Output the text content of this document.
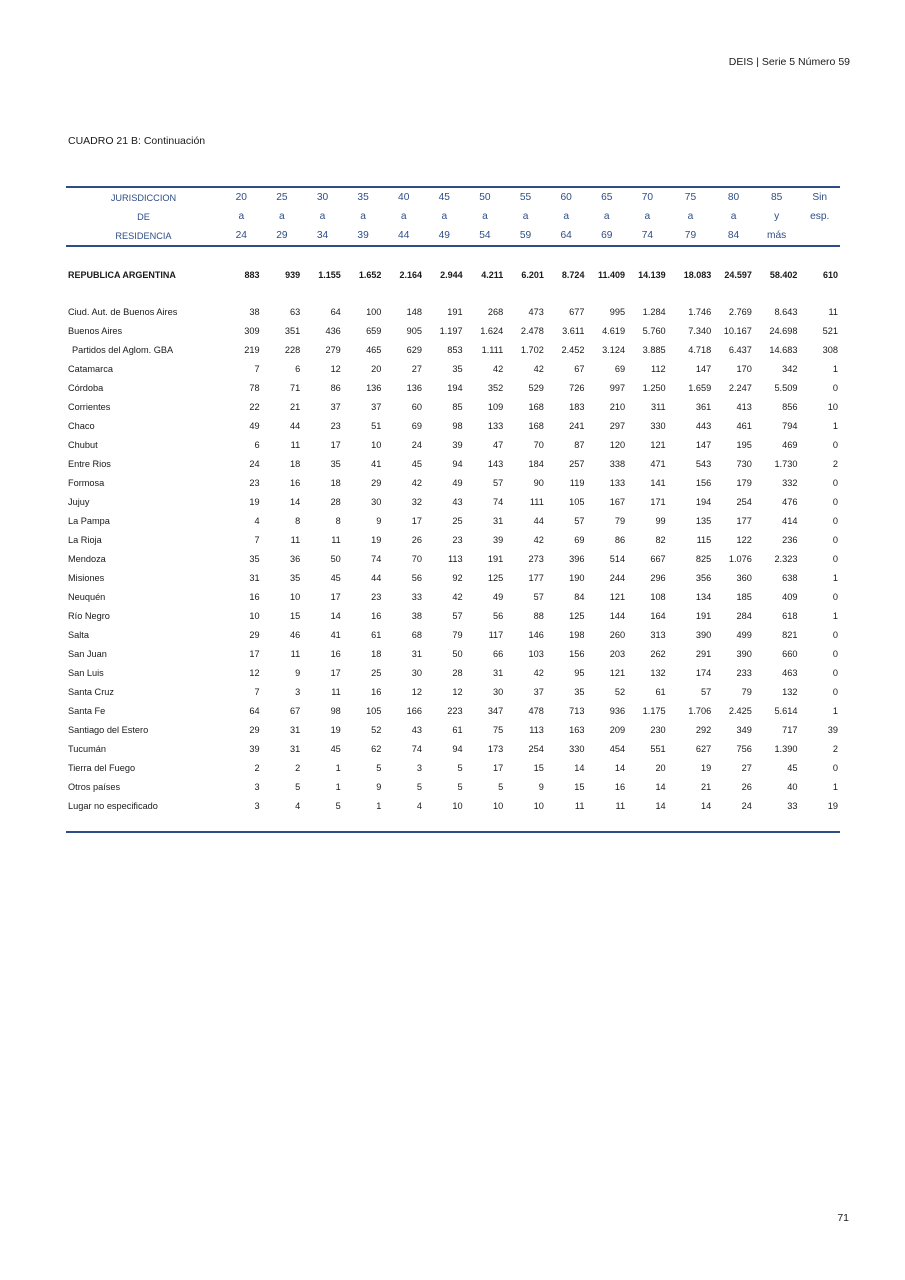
DEIS | Serie 5 Número 59
CUADRO 21 B: Continuación
JURISDICCION	20	25	30	35	40	45	50	55	60	65	70	75	80	85	Sin
DE	a	a	a	a	a	a	a	a	a	a	a	a	a	y	esp.
RESIDENCIA	24	29	34	39	44	49	54	59	64	69	74	79	84	más	

REPUBLICA ARGENTINA	883	939	1.155	1.652	2.164	2.944	4.211	6.201	8.724	11.409	14.139	18.083	24.597	58.402	610

Ciud. Aut. de Buenos Aires	38	63	64	100	148	191	268	473	677	995	1.284	1.746	2.769	8.643	11
Buenos Aires	309	351	436	659	905	1.197	1.624	2.478	3.611	4.619	5.760	7.340	10.167	24.698	521
Partidos del Aglom. GBA	219	228	279	465	629	853	1.111	1.702	2.452	3.124	3.885	4.718	6.437	14.683	308
Catamarca	7	6	12	20	27	35	42	42	67	69	112	147	170	342	1
Córdoba	78	71	86	136	136	194	352	529	726	997	1.250	1.659	2.247	5.509	0
Corrientes	22	21	37	37	60	85	109	168	183	210	311	361	413	856	10
Chaco	49	44	23	51	69	98	133	168	241	297	330	443	461	794	1
Chubut	6	11	17	10	24	39	47	70	87	120	121	147	195	469	0
Entre Rios	24	18	35	41	45	94	143	184	257	338	471	543	730	1.730	2
Formosa	23	16	18	29	42	49	57	90	119	133	141	156	179	332	0
Jujuy	19	14	28	30	32	43	74	111	105	167	171	194	254	476	0
La Pampa	4	8	8	9	17	25	31	44	57	79	99	135	177	414	0
La Rioja	7	11	11	19	26	23	39	42	69	86	82	115	122	236	0
Mendoza	35	36	50	74	70	113	191	273	396	514	667	825	1.076	2.323	0
Misiones	31	35	45	44	56	92	125	177	190	244	296	356	360	638	1
Neuquén	16	10	17	23	33	42	49	57	84	121	108	134	185	409	0
Río Negro	10	15	14	16	38	57	56	88	125	144	164	191	284	618	1
Salta	29	46	41	61	68	79	117	146	198	260	313	390	499	821	0
San Juan	17	11	16	18	31	50	66	103	156	203	262	291	390	660	0
San Luis	12	9	17	25	30	28	31	42	95	121	132	174	233	463	0
Santa Cruz	7	3	11	16	12	12	30	37	35	52	61	57	79	132	0
Santa Fe	64	67	98	105	166	223	347	478	713	936	1.175	1.706	2.425	5.614	1
Santiago del Estero	29	31	19	52	43	61	75	113	163	209	230	292	349	717	39
Tucumán	39	31	45	62	74	94	173	254	330	454	551	627	756	1.390	2
Tierra del Fuego	2	2	1	5	3	5	17	15	14	14	20	19	27	45	0
Otros países	3	5	1	9	5	5	5	9	15	16	14	21	26	40	1
Lugar no especificado	3	4	5	1	4	10	10	10	11	11	14	14	24	33	19

71
